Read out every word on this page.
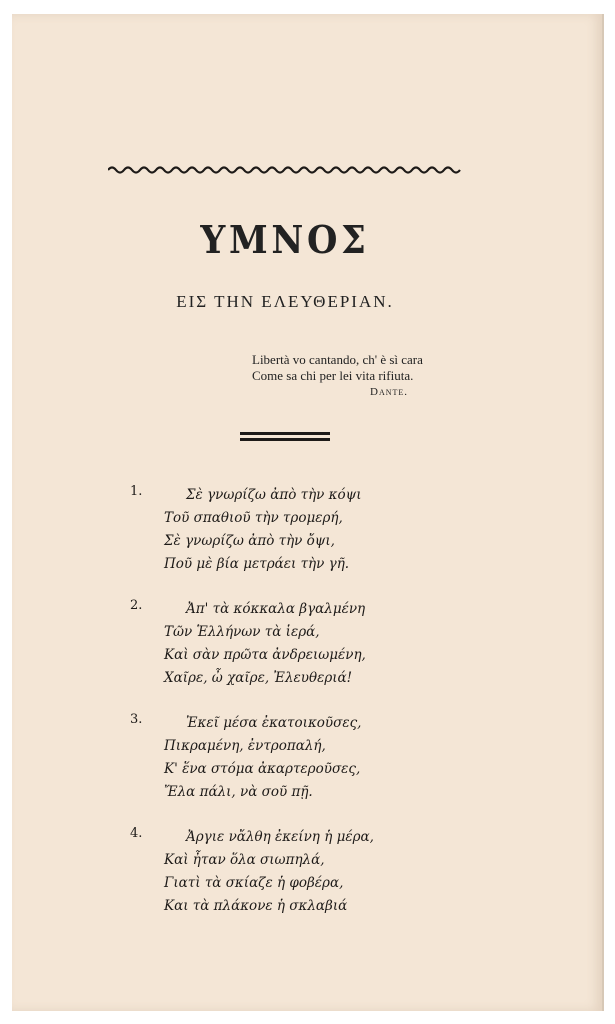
ΥΜΝΟΣ

ΕΙΣ ΤΗΝ ΕΛΕΥΘΕΡΙΑΝ.

Libertà vo cantando, ch' è sì cara
Come sa chi per lei vita rifiuta.
Dante.
1.	Σὲ γνωρίζω ἀπὸ τὴν κόψι
Τοῦ σπαθιοῦ τὴν τρομερή,
Σὲ γνωρίζω ἀπὸ τὴν ὄψι,
Ποῦ μὲ βία μετράει τὴν γῆ.
2.	Ἀπ' τὰ κόκκαλα βγαλμένη
Τῶν Ἑλλήνων τὰ ἱερά,
Καὶ σὰν πρῶτα ἀνδρειωμένη,
Χαῖρε, ὦ χαῖρε, Ἐλευθεριά!
3.	Ἐκεῖ μέσα ἐκατοικοῦσες,
Πικραμένη, ἐντροπαλή,
Κ' ἕνα στόμα ἀκαρτεροῦσες,
Ἔλα πάλι, νὰ σοῦ πῇ.
4.	Ἀργιε νἄλθη ἐκείνη ἡ μέρα,
Καὶ ἦταν ὅλα σιωπηλά,
Γιατὶ τὰ σκίαζε ἡ φοβέρα,
Και τὰ πλάκονε ἡ σκλαβιά
